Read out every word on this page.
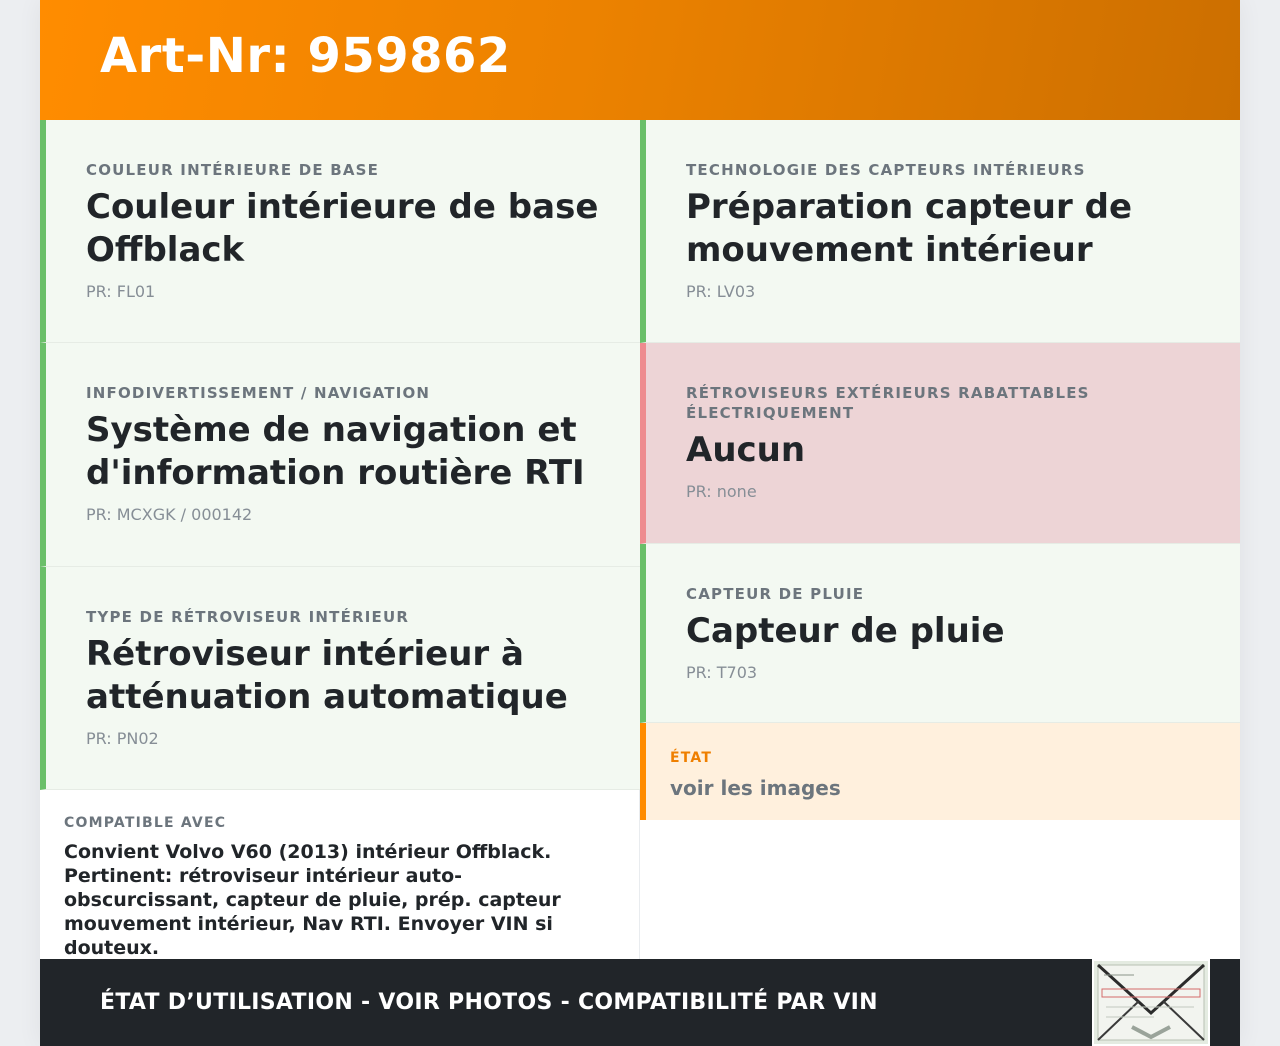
Art-Nr: 959862
COULEUR INTÉRIEURE DE BASE
Couleur intérieure de base Offblack
PR: FL01
INFODIVERTISSEMENT / NAVIGATION
Système de navigation et d'information routière RTI
PR: MCXGK / 000142
TYPE DE RÉTROVISEUR INTÉRIEUR
Rétroviseur intérieur à atténuation automatique
PR: PN02
TECHNOLOGIE DES CAPTEURS INTÉRIEURS
Préparation capteur de mouvement intérieur
PR: LV03
RÉTROVISEURS EXTÉRIEURS RABATTABLES ÉLECTRIQUEMENT
Aucun
PR: none
CAPTEUR DE PLUIE
Capteur de pluie
PR: T703
ÉTAT
voir les images
COMPATIBLE AVEC
Convient Volvo V60 (2013) intérieur Offblack. Pertinent: rétroviseur intérieur auto-obscurcissant, capteur de pluie, prép. capteur mouvement intérieur, Nav RTI. Envoyer VIN si douteux.
ÉTAT D’UTILISATION - VOIR PHOTOS - COMPATIBILITÉ PAR VIN
